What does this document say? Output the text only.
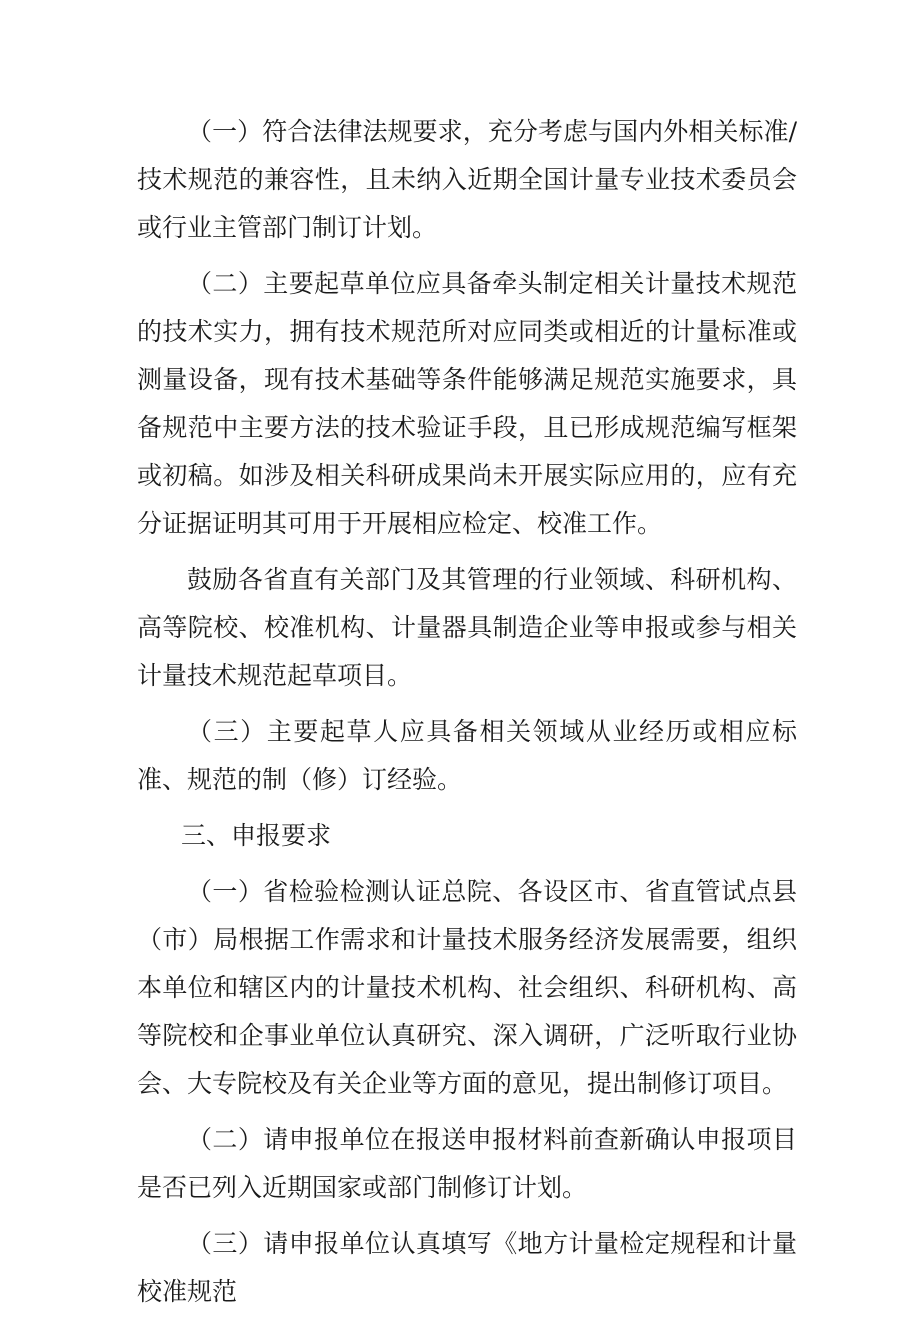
（一）符合法律法规要求，充分考虑与国内外相关标准/技术规范的兼容性，且未纳入近期全国计量专业技术委员会或行业主管部门制订计划。

（二）主要起草单位应具备牵头制定相关计量技术规范的技术实力，拥有技术规范所对应同类或相近的计量标准或测量设备，现有技术基础等条件能够满足规范实施要求，具备规范中主要方法的技术验证手段，且已形成规范编写框架或初稿。如涉及相关科研成果尚未开展实际应用的，应有充分证据证明其可用于开展相应检定、校准工作。

鼓励各省直有关部门及其管理的行业领域、科研机构、高等院校、校准机构、计量器具制造企业等申报或参与相关计量技术规范起草项目。

（三）主要起草人应具备相关领域从业经历或相应标准、规范的制（修）订经验。

三、申报要求

（一）省检验检测认证总院、各设区市、省直管试点县（市）局根据工作需求和计量技术服务经济发展需要，组织本单位和辖区内的计量技术机构、社会组织、科研机构、高等院校和企事业单位认真研究、深入调研，广泛听取行业协会、大专院校及有关企业等方面的意见，提出制修订项目。

（二）请申报单位在报送申报材料前查新确认申报项目是否已列入近期国家或部门制修订计划。

（三）请申报单位认真填写《地方计量检定规程和计量校准规范
